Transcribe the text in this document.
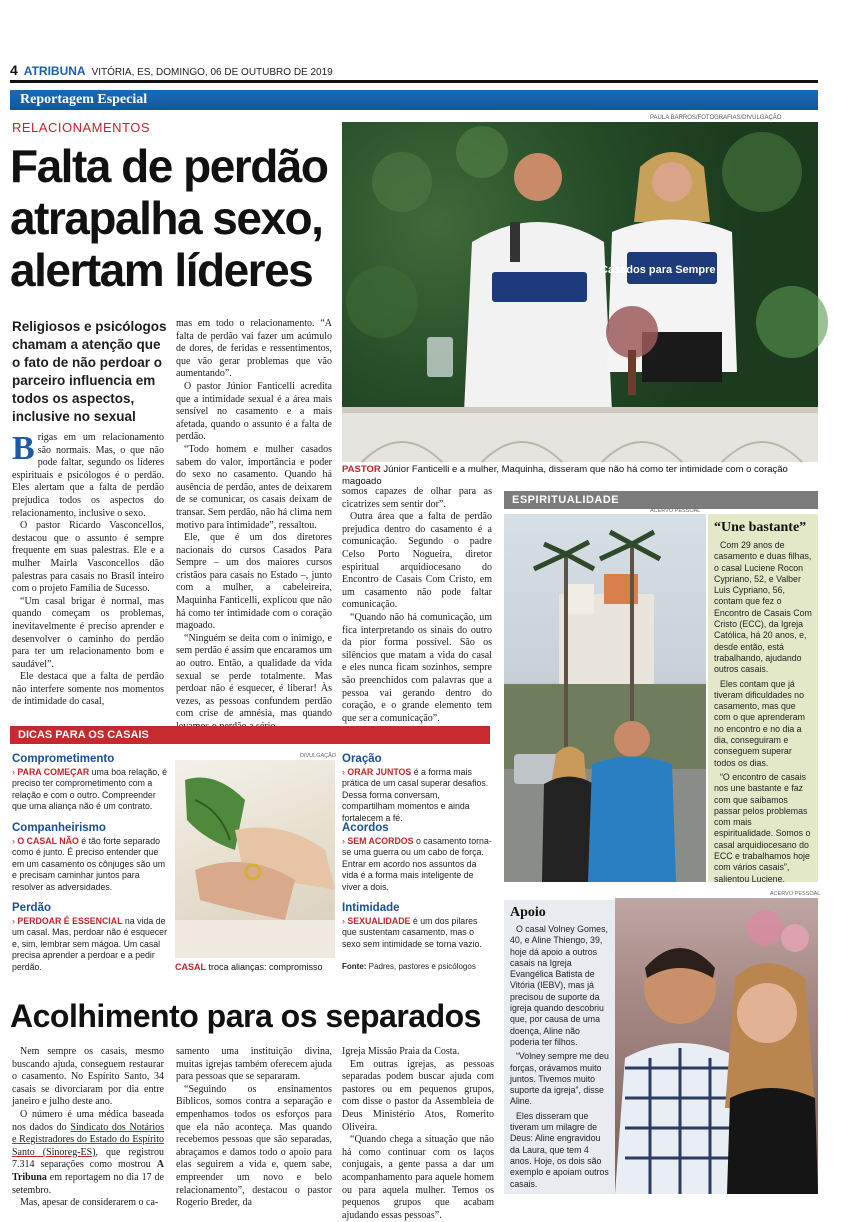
4 ATRIBUNA VITÓRIA, ES, DOMINGO, 06 DE OUTUBRO DE 2019
Reportagem Especial
RELACIONAMENTOS
Falta de perdão atrapalha sexo, alertam líderes
Religiosos e psicólogos chamam a atenção que o fato de não perdoar o parceiro influencia em todos os aspectos, inclusive no sexual

Brigas em um relacionamento são normais. Mas, o que não pode faltar, segundo os líderes espirituais e psicólogos é o perdão. Eles alertam que a falta de perdão prejudica todos os aspectos do relacionamento, inclusive o sexo.

O pastor Ricardo Vasconcellos, destacou que o assunto é sempre frequente em suas palestras. Ele e a mulher Mairla Vasconcellos dão palestras para casais no Brasil inteiro com o projeto Família de Sucesso.

“Um casal brigar é normal, mas quando começam os problemas, inevitavelmente é preciso aprender e desenvolver o caminho do perdão para ter um relacionamento bom e saudável”.

Ele destaca que a falta de perdão não interfere somente nos momentos de intimidade do casal,

mas em todo o relacionamento. “A falta de perdão vai fazer um acúmulo de dores, de feridas e ressentimentos, que vão gerar problemas que vão aumentando”.

O pastor Júnior Fanticelli acredita que a intimidade sexual é a área mais sensível no casamento e a mais afetada, quando o assunto é a falta de perdão.

“Todo homem e mulher casados sabem do valor, importância e poder do sexo no casamento. Quando há ausência de perdão, antes de deixarem de se comunicar, os casais deixam de transar. Sem perdão, não há clima nem motivo para intimidade”, ressaltou.

Ele, que é um dos diretores nacionais do cursos Casados Para Sempre – um dos maiores cursos cristãos para casais no Estado –, junto com a mulher, a cabeleireira, Maquinha Fanticelli, explicou que não há como ter intimidade com o coração magoado.

“Ninguém se deita com o inimigo, e sem perdão é assim que encaramos um ao outro. Então, a qualidade da vida sexual se perde totalmente. Mas perdoar não é esquecer, é liberar! Às vezes, as pessoas confundem perdão com crise de amnésia, mas quando

somos capazes de olhar para as cicatrizes sem sentir dor”.

Outra área que a falta de perdão prejudica dentro do casamento é a comunicação. Segundo o padre Celso Porto Nogueira, diretor espiritual arquidiocesano do Encontro de Casais Com Cristo, em um casamento não pode faltar comunicação.

“Quando não há comunicação, um fica interpretando os sinais do outro da pior forma possível. São os silêncios que matam a vida do casal e eles nunca ficam sozinhos, sempre são preenchidos com palavras que a pessoa vai gerando dentro do coração, e o grande elemento tem que ser a comunicação”.

PAULA BARROS/FOTOGRAFIAS/DIVULGAÇÃO
Casados para Sempre
PASTOR Júnior Fanticelli e a mulher, Maquinha, disseram que não há como ter intimidade com o coração magoado
ESPIRITUALIDADE
ACERVO PESSOAL
“Une bastante”

Com 29 anos de casamento e duas filhas, o casal Luciene Rocon Cypriano, 52, e Valber Luis Cypriano, 56, contam que fez o Encontro de Casais Com Cristo (ECC), da Igreja Católica, há 20 anos, e, desde então, está trabalhando, ajudando outros casais.

Eles contam que já tiveram dificuldades no casamento, mas que com o que aprenderam no encontro e no dia a dia, conseguiram e conseguem superar todos os dias.

“O encontro de casais nos une bastante e faz com que saibamos passar pelos problemas com mais espiritualidade. Somos o casal arquidiocesano do ECC e trabalhamos hoje com vários casais”, salientou Luciene.

DICAS PARA OS CASAIS
Comprometimento

› PARA COMEÇAR uma boa relação, é preciso ter comprometimento com a relação e com o outro. Compreender que uma aliança não é um contrato.

Companheirismo

› O CASAL NÃO é tão forte separado como é junto. É preciso entender que em um casamento os cônjuges são um e precisam caminhar juntos para resolver as adversidades.

Perdão

› PERDOAR É ESSENCIAL na vida de um casal. Mas, perdoar não é esquecer e, sim, lembrar sem mágoa. Um casal precisa aprender a perdoar e a pedir perdão.

Oração

› ORAR JUNTOS é a forma mais prática de um casal superar desafios. Dessa forma conversam, compartilham momentos e ainda fortalecem a fé.

Acordos

› SEM ACORDOS o casamento torna-se uma guerra ou um cabo de força. Entrar em acordo nos assuntos da vida é a forma mais inteligente de viver a dois.

Intimidade

› SEXUALIDADE é um dos pilares que sustentam casamento, mas o sexo sem intimidade se torna vazio.

DIVULGAÇÃO
CASAL troca alianças: compromisso	Fonte: Padres, pastores e psicólogos
ACERVO PESSOAL
Apoio

O casal Volney Gomes, 40, e Aline Thiengo, 39, hoje dá apoio a outros casais na Igreja Evangélica Batista de Vitória (IEBV), mas já precisou de suporte da igreja quando descobriu que, por causa de uma doença, Aline não poderia ter filhos.

“Volney sempre me deu forças, orávamos muito juntos. Tivemos muito suporte da igreja”, disse Aline.

Eles disseram que tiveram um milagre de Deus: Aline engravidou da Laura, que tem 4 anos. Hoje, os dois são exemplo e apoiam outros casais.

Acolhimento para os separados

Nem sempre os casais, mesmo buscando ajuda, conseguem restaurar o casamento. No Espírito Santo, 34 casais se divorciaram por dia entre janeiro e julho deste ano.

O número é uma médica baseada nos dados do Sindicato dos Notários e Registradores do Estado do Espírito Santo (Sinoreg-ES), que registrou 7.314 separações como mostrou A Tribuna em reportagem no dia 17 de setembro.

Mas, apesar de considerarem o ca-

samento uma instituição divina, muitas igrejas também oferecem ajuda para pessoas que se separaram.

“Seguindo os ensinamentos Bíblicos, somos contra a separação e empenhamos todos os esforços para que ela não aconteça. Mas quando recebemos pessoas que são separadas, abraçamos e damos todo o apoio para elas seguirem a vida e, quem sabe, empreender um novo e belo relacionamento”, destacou o pastor Rogerio Breder, da

Igreja Missão Praia da Costa.

Em outras igrejas, as pessoas separadas podem buscar ajuda com pastores ou em pequenos grupos, com disse o pastor da Assembleia de Deus Ministério Atos, Romerito Oliveira.

“Quando chega a situação que não há como continuar com os laços conjugais, a gente passa a dar um acompanhamento para aquele homem ou para aquela mulher. Temos os pequenos grupos que acabam ajudando essas pessoas”.
